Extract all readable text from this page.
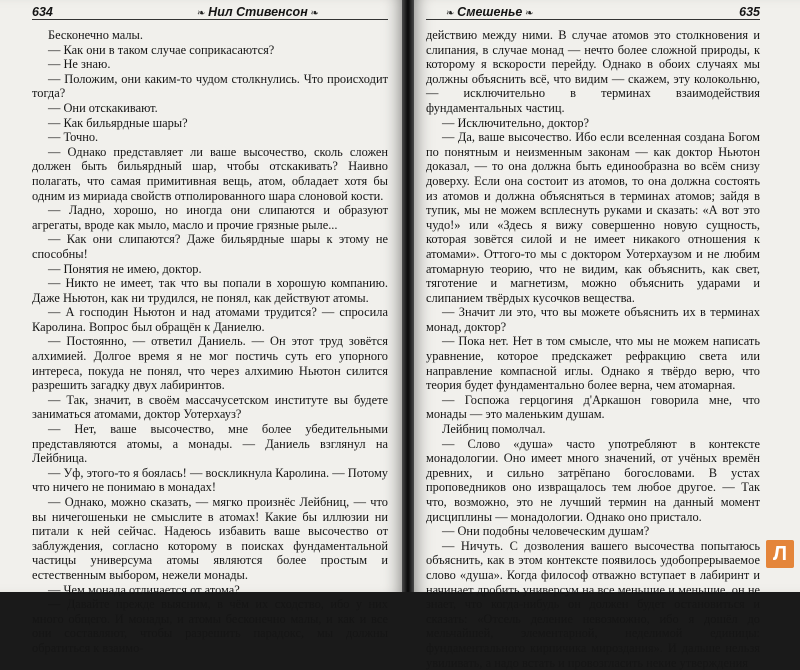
634	❧ Нил Стивенсон ❧

Бесконечно малы.

— Как они в таком случае соприкасаются?

— Не знаю.

— Положим, они каким-то чудом столкнулись. Что происходит тогда?

— Они отскакивают.

— Как бильярдные шары?

— Точно.

— Однако представляет ли ваше высочество, сколь сложен должен быть бильярдный шар, чтобы отскакивать? Наивно полагать, что самая примитивная вещь, атом, обладает хотя бы одним из мириада свойств отполированного шара слоновой кости.

— Ладно, хорошо, но иногда они слипаются и образуют агрегаты, вроде как мыло, масло и прочие грязные рыле...

— Как они слипаются? Даже бильярдные шары к этому не способны!

— Понятия не имею, доктор.

— Никто не имеет, так что вы попали в хорошую компанию. Даже Ньютон, как ни трудился, не понял, как действуют атомы.

— А господин Ньютон и над атомами трудится? — спросила Каролина. Вопрос был обращён к Даниелю.

— Постоянно, — ответил Даниель. — Он этот труд зовётся алхимией. Долгое время я не мог постичь суть его упорного интереса, покуда не понял, что через алхимию Ньютон силится разрешить загадку двух лабиринтов.

— Так, значит, в своём массачусетском институте вы будете заниматься атомами, доктор Уотерхауз?

— Нет, ваше высочество, мне более убедительными представляются атомы, а монады. — Даниель взглянул на Лейбница.

— Уф, этого-то я боялась! — воскликнула Каролина. — Потому что ничего не понимаю в монадах!

— Однако, можно сказать, — мягко произнёс Лейбниц, — что вы ничегошеньки не смыслите в атомах! Какие бы иллюзии ни питали к ней сейчас. Надеюсь избавить ваше высочество от заблуждения, согласно которому в поисках фундаментальной частицы универсума атомы являются более простым и естественным выбором, нежели монады.

— Чем монада отличается от атома?

— Давайте прежде выясним, в чём их сходство, ибо у них много общего. И монады, и атомы бесконечно малы, и как и все они составляют, чтобы разрешить парадокс, мы должны обратиться к взаимо-

❧ Смешенье ❧	635

действию между ними. В случае атомов это столкновения и слипания, в случае монад — нечто более сложной природы, к которому я вскорости перейду. Однако в обоих случаях мы должны объяснить всё, что видим — скажем, эту колокольню, — исключительно в терминах взаимодействия фундаментальных частиц.

— Исключительно, доктор?

— Да, ваше высочество. Ибо если вселенная создана Богом по понятным и неизменным законам — как доктор Ньютон доказал, — то она должна быть единообразна во всём снизу доверху. Если она состоит из атомов, то она должна состоять из атомов и должна объясняться в терминах атомов; зайдя в тупик, мы не можем всплеснуть руками и сказать: «А вот это чудо!» или «Здесь я вижу совершенно новую сущность, которая зовётся силой и не имеет никакого отношения к атомами». Оттого-то мы с доктором Уотерхаузом и не любим атомарную теорию, что не видим, как объяснить, как свет, тяготение и магнетизм, можно объяснить ударами и слипанием твёрдых кусочков вещества.

— Значит ли это, что вы можете объяснить их в терминах монад, доктор?

— Пока нет. Нет в том смысле, что мы не можем написать уравнение, которое предскажет рефракцию света или направление компасной иглы. Однако я твёрдо верю, что теория будет фундаментально более верна, чем атомарная.

— Госпожа герцогиня д'Аркашон говорила мне, что монады — это маленьким душам.

Лейбниц помолчал.

— Слово «душа» часто употребляют в контексте монадологии. Оно имеет много значений, от учёных времён древних, и сильно затрёпано богословами. В устах проповедников оно извращалось тем любое другое. — Так что, возможно, это не лучший термин на данный момент дисциплины — монадологии. Однако оно пристало.

— Они подобны человеческим душам?

— Ничуть. С дозволения вашего высочества попытаюсь объяснить, как в этом контексте появилось удобопрерываемое слово «душа». Когда философ отважно вступает в лабиринт и начинает дробить универсум на все меньшие и меньшие, он не знает, что когда-нибудь он должен будет остановиться и сказать: «Отсель деление невозможно, ибо я дошёл до мельчайшей, элементарной, неделимой единицы: фундаментального кирпичика мироздания». И дальше нельзя увиливать, а надо встать и провозгласить некие утверждения

Л
